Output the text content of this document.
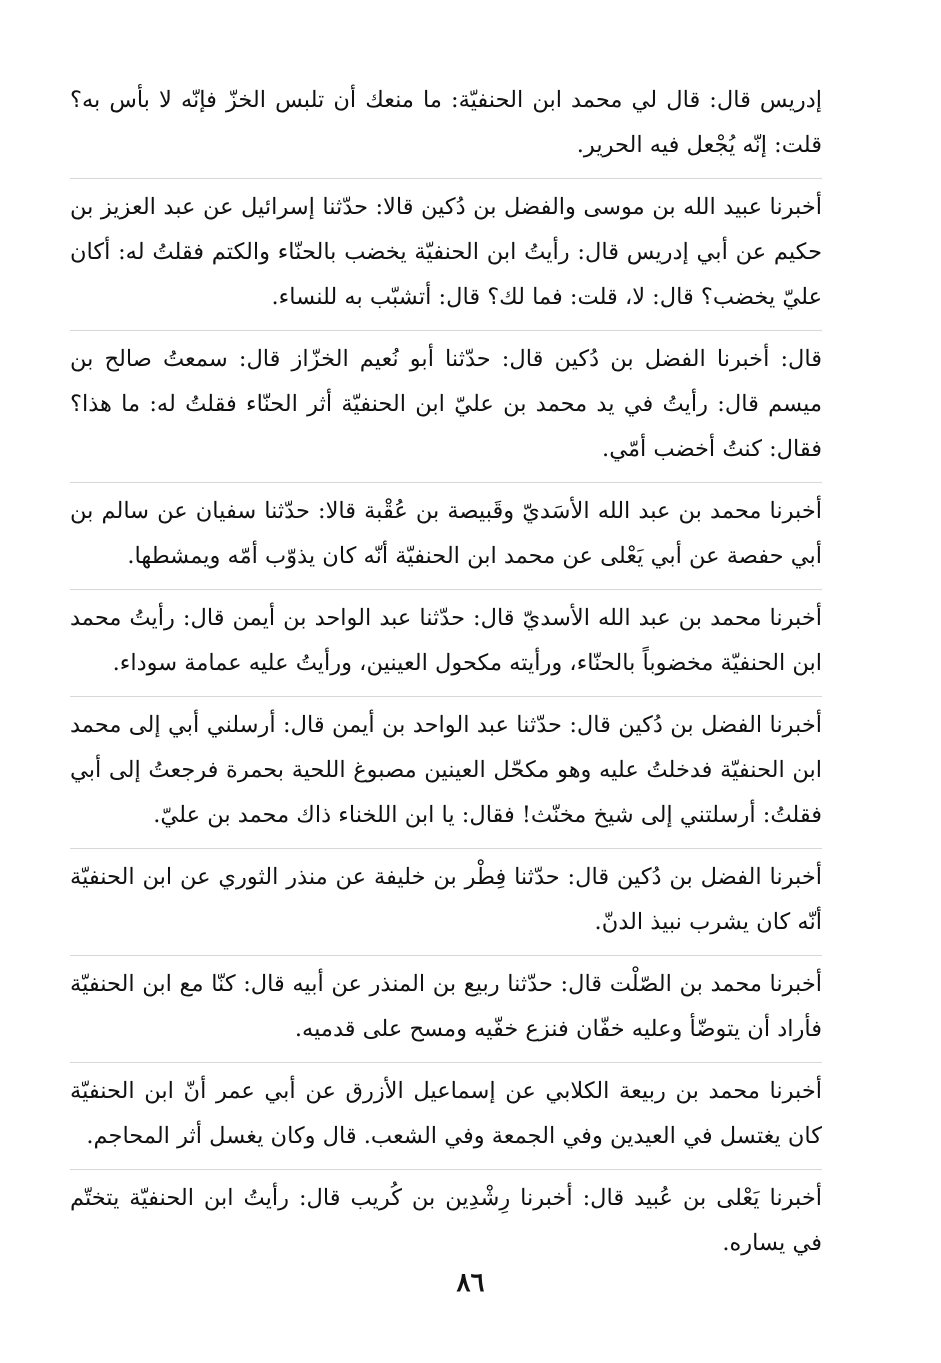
إدريس قال: قال لي محمد ابن الحنفيّة: ما منعك أن تلبس الخزّ فإنّه لا بأس به؟ قلت: إنّه يُجْعل فيه الحرير.

أخبرنا عبيد الله بن موسى والفضل بن دُكين قالا: حدّثنا إسرائيل عن عبد العزيز بن حكيم عن أبي إدريس قال: رأيتُ ابن الحنفيّة يخضب بالحنّاء والكتم فقلتُ له: أكان عليّ يخضب؟ قال: لا، قلت: فما لك؟ قال: أتشبّب به للنساء.

قال: أخبرنا الفضل بن دُكين قال: حدّثنا أبو نُعيم الخزّاز قال: سمعتُ صالح بن ميسم قال: رأيتُ في يد محمد بن عليّ ابن الحنفيّة أثر الحنّاء فقلتُ له: ما هذا؟ فقال: كنتُ أخضب أمّي.

أخبرنا محمد بن عبد الله الأسَديّ وقَبيصة بن عُقْبة قالا: حدّثنا سفيان عن سالم بن أبي حفصة عن أبي يَعْلى عن محمد ابن الحنفيّة أنّه كان يذوّب أمّه ويمشطها.

أخبرنا محمد بن عبد الله الأسديّ قال: حدّثنا عبد الواحد بن أيمن قال: رأيتُ محمد ابن الحنفيّة مخضوباً بالحنّاء، ورأيته مكحول العينين، ورأيتُ عليه عمامة سوداء.

أخبرنا الفضل بن دُكين قال: حدّثنا عبد الواحد بن أيمن قال: أرسلني أبي إلى محمد ابن الحنفيّة فدخلتُ عليه وهو مكحّل العينين مصبوغ اللحية بحمرة فرجعتُ إلى أبي فقلتُ: أرسلتني إلى شيخ مخنّث! فقال: يا ابن اللخناء ذاك محمد بن عليّ.

أخبرنا الفضل بن دُكين قال: حدّثنا فِطْر بن خليفة عن منذر الثوري عن ابن الحنفيّة أنّه كان يشرب نبيذ الدنّ.

أخبرنا محمد بن الصّلْت قال: حدّثنا ربيع بن المنذر عن أبيه قال: كنّا مع ابن الحنفيّة فأراد أن يتوضّأ وعليه خفّان فنزع خفّيه ومسح على قدميه.

أخبرنا محمد بن ربيعة الكلابي عن إسماعيل الأزرق عن أبي عمر أنّ ابن الحنفيّة كان يغتسل في العيدين وفي الجمعة وفي الشعب. قال وكان يغسل أثر المحاجم.

أخبرنا يَعْلى بن عُبيد قال: أخبرنا رِشْدِين بن كُريب قال: رأيتُ ابن الحنفيّة يتختّم في يساره.

٨٦
